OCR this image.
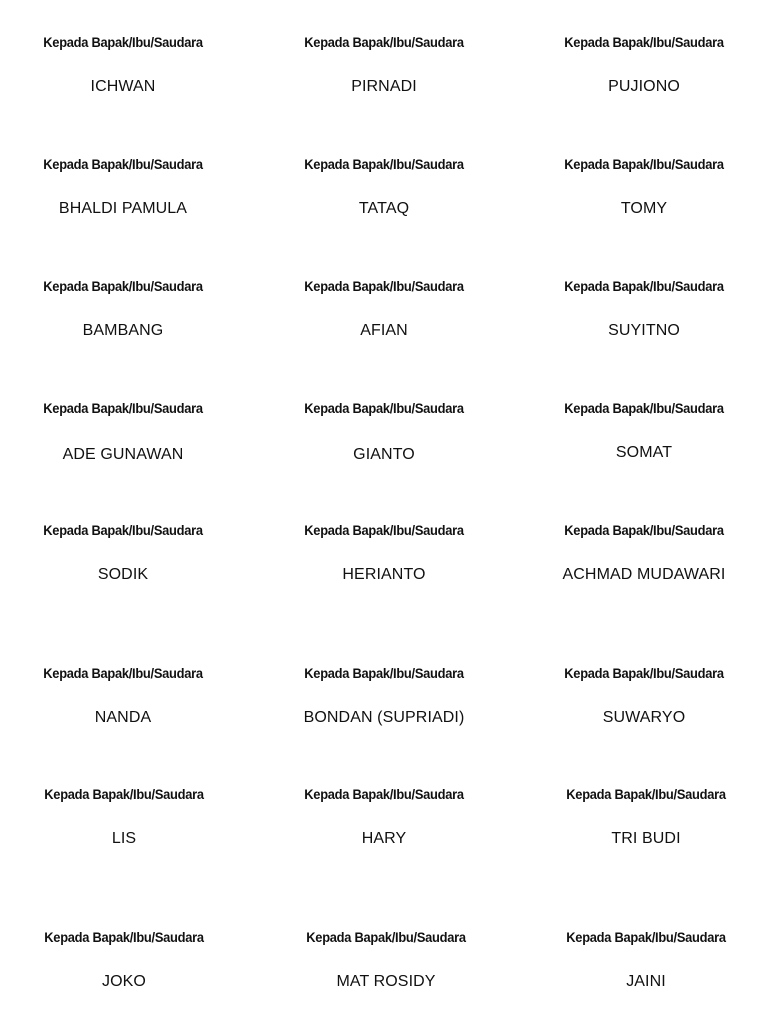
Kepada Bapak/Ibu/Saudara
ICHWAN
Kepada Bapak/Ibu/Saudara
PIRNADI
Kepada Bapak/Ibu/Saudara
PUJIONO
Kepada Bapak/Ibu/Saudara
BHALDI PAMULA
Kepada Bapak/Ibu/Saudara
TATAQ
Kepada Bapak/Ibu/Saudara
TOMY
Kepada Bapak/Ibu/Saudara
BAMBANG
Kepada Bapak/Ibu/Saudara
AFIAN
Kepada Bapak/Ibu/Saudara
SUYITNO
Kepada Bapak/Ibu/Saudara
ADE GUNAWAN
Kepada Bapak/Ibu/Saudara
GIANTO
Kepada Bapak/Ibu/Saudara
SOMAT
Kepada Bapak/Ibu/Saudara
SODIK
Kepada Bapak/Ibu/Saudara
HERIANTO
Kepada Bapak/Ibu/Saudara
ACHMAD MUDAWARI
Kepada Bapak/Ibu/Saudara
NANDA
Kepada Bapak/Ibu/Saudara
BONDAN (SUPRIADI)
Kepada Bapak/Ibu/Saudara
SUWARYO
Kepada Bapak/Ibu/Saudara
LIS
Kepada Bapak/Ibu/Saudara
HARY
Kepada Bapak/Ibu/Saudara
TRI BUDI
Kepada Bapak/Ibu/Saudara
JOKO
Kepada Bapak/Ibu/Saudara
MAT ROSIDY
Kepada Bapak/Ibu/Saudara
JAINI
